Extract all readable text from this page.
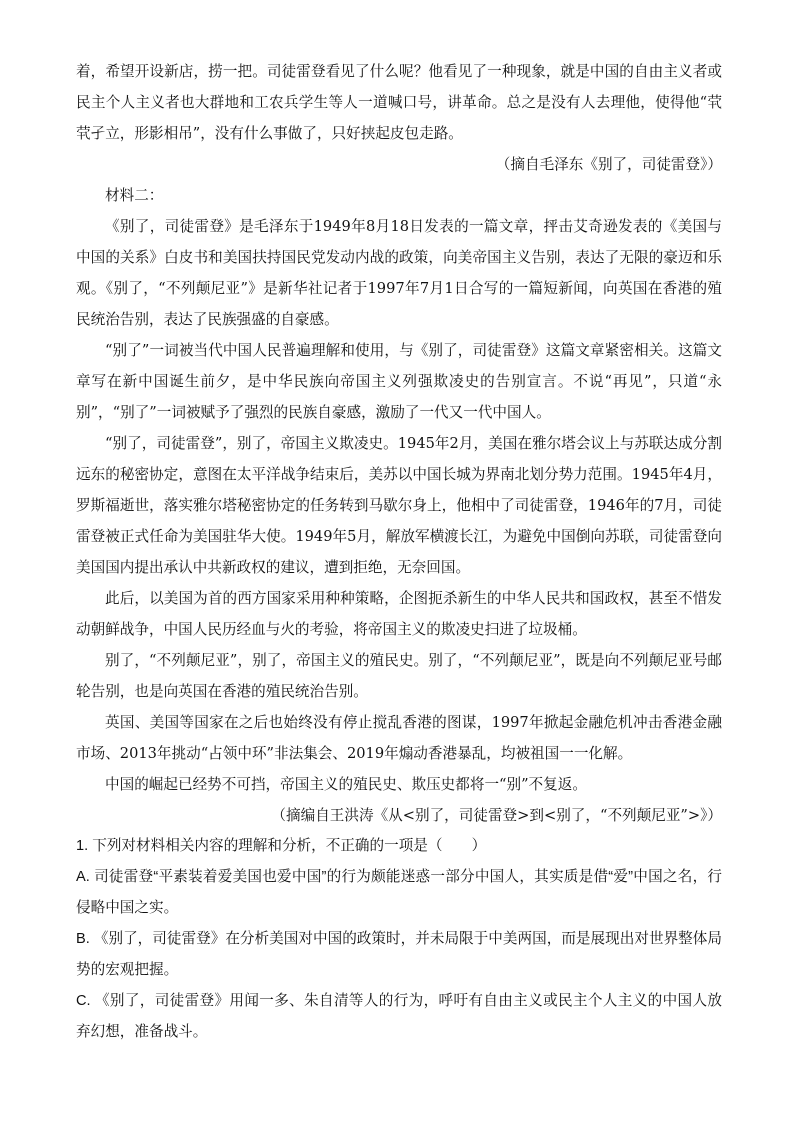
着，希望开设新店，捞一把。司徒雷登看见了什么呢？他看见了一种现象，就是中国的自由主义者或民主个人主义者也大群地和工农兵学生等人一道喊口号，讲革命。总之是没有人去理他，使得他“茕茕孑立，形影相吊”，没有什么事做了，只好挟起皮包走路。

（摘自毛泽东《别了，司徒雷登》）

材料二：

《别了，司徒雷登》是毛泽东于1949年8月18日发表的一篇文章，抨击艾奇逊发表的《美国与中国的关系》白皮书和美国扶持国民党发动内战的政策，向美帝国主义告别，表达了无限的豪迈和乐观。《别了，“不列颠尼亚”》是新华社记者于1997年7月1日合写的一篇短新闻，向英国在香港的殖民统治告别，表达了民族强盛的自豪感。

“别了”一词被当代中国人民普遍理解和使用，与《别了，司徒雷登》这篇文章紧密相关。这篇文章写在新中国诞生前夕，是中华民族向帝国主义列强欺凌史的告别宣言。不说“再见”，只道“永别”，“别了”一词被赋予了强烈的民族自豪感，激励了一代又一代中国人。

“别了，司徒雷登”，别了，帝国主义欺凌史。1945年2月，美国在雅尔塔会议上与苏联达成分割远东的秘密协定，意图在太平洋战争结束后，美苏以中国长城为界南北划分势力范围。1945年4月，罗斯福逝世，落实雅尔塔秘密协定的任务转到马歇尔身上，他相中了司徒雷登，1946年的7月，司徒雷登被正式任命为美国驻华大使。1949年5月，解放军横渡长江，为避免中国倒向苏联，司徒雷登向美国国内提出承认中共新政权的建议，遭到拒绝，无奈回国。

此后，以美国为首的西方国家采用种种策略，企图扼杀新生的中华人民共和国政权，甚至不惜发动朝鲜战争，中国人民历经血与火的考验，将帝国主义的欺凌史扫进了垃圾桶。

别了，“不列颠尼亚”，别了，帝国主义的殖民史。别了，“不列颠尼亚”，既是向不列颠尼亚号邮轮告别，也是向英国在香港的殖民统治告别。

英国、美国等国家在之后也始终没有停止搅乱香港的图谋，1997年掀起金融危机冲击香港金融市场、2013年挑动“占领中环”非法集会、2019年煽动香港暴乱，均被祖国一一化解。

中国的崛起已经势不可挡，帝国主义的殖民史、欺压史都将一“别”不复返。

（摘编自王洪涛《从<别了，司徒雷登>到<别了，“不列颠尼亚”>》）

1. 下列对材料相关内容的理解和分析，不正确的一项是（　　）

A. 司徒雷登“平素装着爱美国也爱中国”的行为颇能迷惑一部分中国人，其实质是借“爱”中国之名，行侵略中国之实。

B. 《别了，司徒雷登》在分析美国对中国的政策时，并未局限于中美两国，而是展现出对世界整体局势的宏观把握。

C. 《别了，司徒雷登》用闻一多、朱自清等人的行为，呼吁有自由主义或民主个人主义的中国人放弃幻想，准备战斗。
